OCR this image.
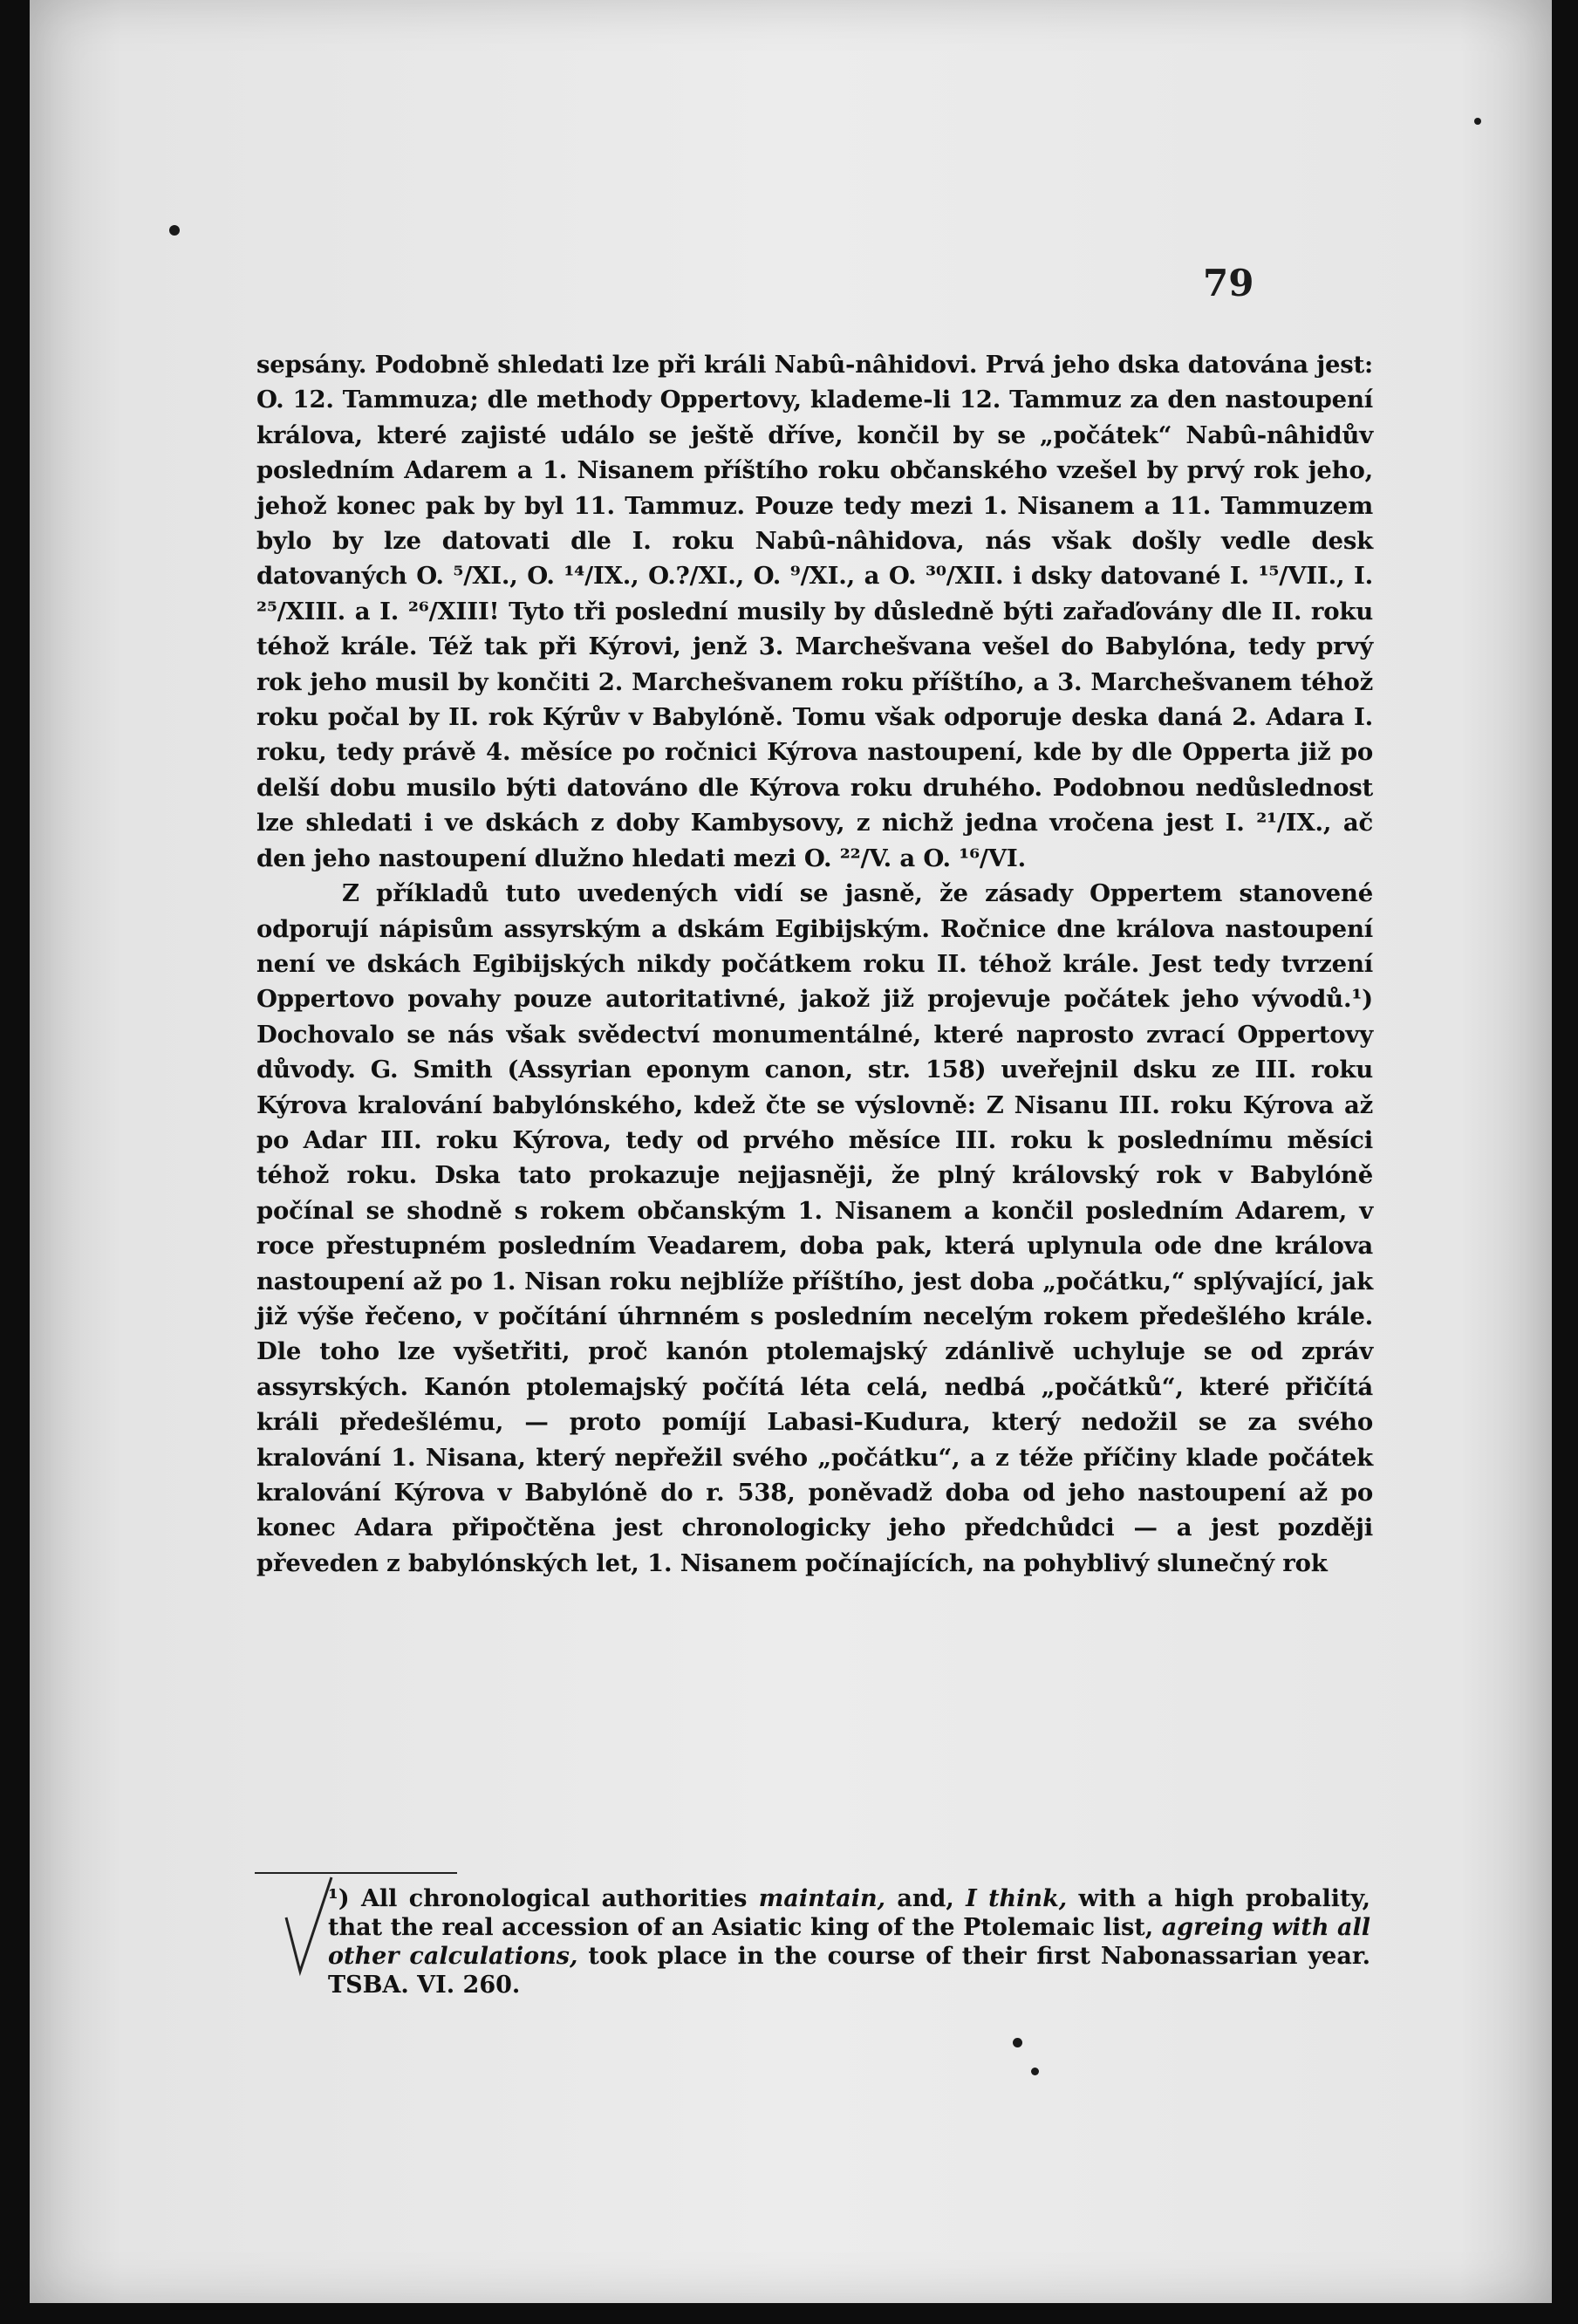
79

sepsány. Podobně shledati lze při králi Nabû-nâhidovi. Prvá jeho dska datována jest: O. 12. Tammuza; dle methody Oppertovy, klademe-li 12. Tammuz za den nastoupení králova, které zajisté událo se ještě dříve, končil by se „počátek“ Nabû-nâhidův posledním Adarem a 1. Nisanem příštího roku občanského vzešel by prvý rok jeho, jehož konec pak by byl 11. Tammuz. Pouze tedy mezi 1. Nisanem a 11. Tammuzem bylo by lze datovati dle I. roku Nabû-nâhidova, nás však došly vedle desk datovaných O. ⁵/XI., O. ¹⁴/IX., O.?/XI., O. ⁹/XI., a O. ³⁰/XII. i dsky datované I. ¹⁵/VII., I. ²⁵/XIII. a I. ²⁶/XIII! Tyto tři poslední musily by důsledně býti zařaďovány dle II. roku téhož krále. Též tak při Kýrovi, jenž 3. Marchešvana vešel do Babylóna, tedy prvý rok jeho musil by končiti 2. Marchešvanem roku příštího, a 3. Marchešvanem téhož roku počal by II. rok Kýrův v Babylóně. Tomu však odporuje deska daná 2. Adara I. roku, tedy právě 4. měsíce po ročnici Kýrova nastoupení, kde by dle Opperta již po delší dobu musilo býti datováno dle Kýrova roku druhého. Podobnou nedůslednost lze shledati i ve dskách z doby Kambysovy, z nichž jedna vročena jest I. ²¹/IX., ač den jeho nastoupení dlužno hledati mezi O. ²²/V. a O. ¹⁶/VI.

Z příkladů tuto uvedených vidí se jasně, že zásady Oppertem stanovené odporují nápisům assyrským a dskám Egibijským. Ročnice dne králova nastoupení není ve dskách Egibijských nikdy počátkem roku II. téhož krále. Jest tedy tvrzení Oppertovo povahy pouze autoritativné, jakož již projevuje počátek jeho vývodů.¹) Dochovalo se nás však svědectví monumentálné, které naprosto zvrací Oppertovy důvody. G. Smith (Assyrian eponym canon, str. 158) uveřejnil dsku ze III. roku Kýrova kralování babylónského, kdež čte se výslovně: Z Nisanu III. roku Kýrova až po Adar III. roku Kýrova, tedy od prvého měsíce III. roku k poslednímu měsíci téhož roku. Dska tato prokazuje nejjasněji, že plný královský rok v Babylóně počínal se shodně s rokem občanským 1. Nisanem a končil posledním Adarem, v roce přestupném posledním Veadarem, doba pak, která uplynula ode dne králova nastoupení až po 1. Nisan roku nejblíže příštího, jest doba „počátku,“ splývající, jak již výše řečeno, v počítání úhrnném s posledním necelým rokem předešlého krále. Dle toho lze vyšetřiti, proč kanón ptolemajský zdánlivě uchyluje se od zpráv assyrských. Kanón ptolemajský počítá léta celá, nedbá „počátků“, které přičítá králi předešlému, — proto pomíjí Labasi-Kudura, který nedožil se za svého kralování 1. Nisana, který nepřežil svého „počátku“, a z téže příčiny klade počátek kralování Kýrova v Babylóně do r. 538, poněvadž doba od jeho nastoupení až po konec Adara připočtěna jest chronologicky jeho předchůdci — a jest později převeden z babylónských let, 1. Nisanem počínajících, na pohyblivý slunečný rok

¹) All chronological authorities maintain, and, I think, with a high probality, that the real accession of an Asiatic king of the Ptolemaic list, agreing with all other calculations, took place in the course of their first Nabonassarian year. TSBA. VI. 260.
